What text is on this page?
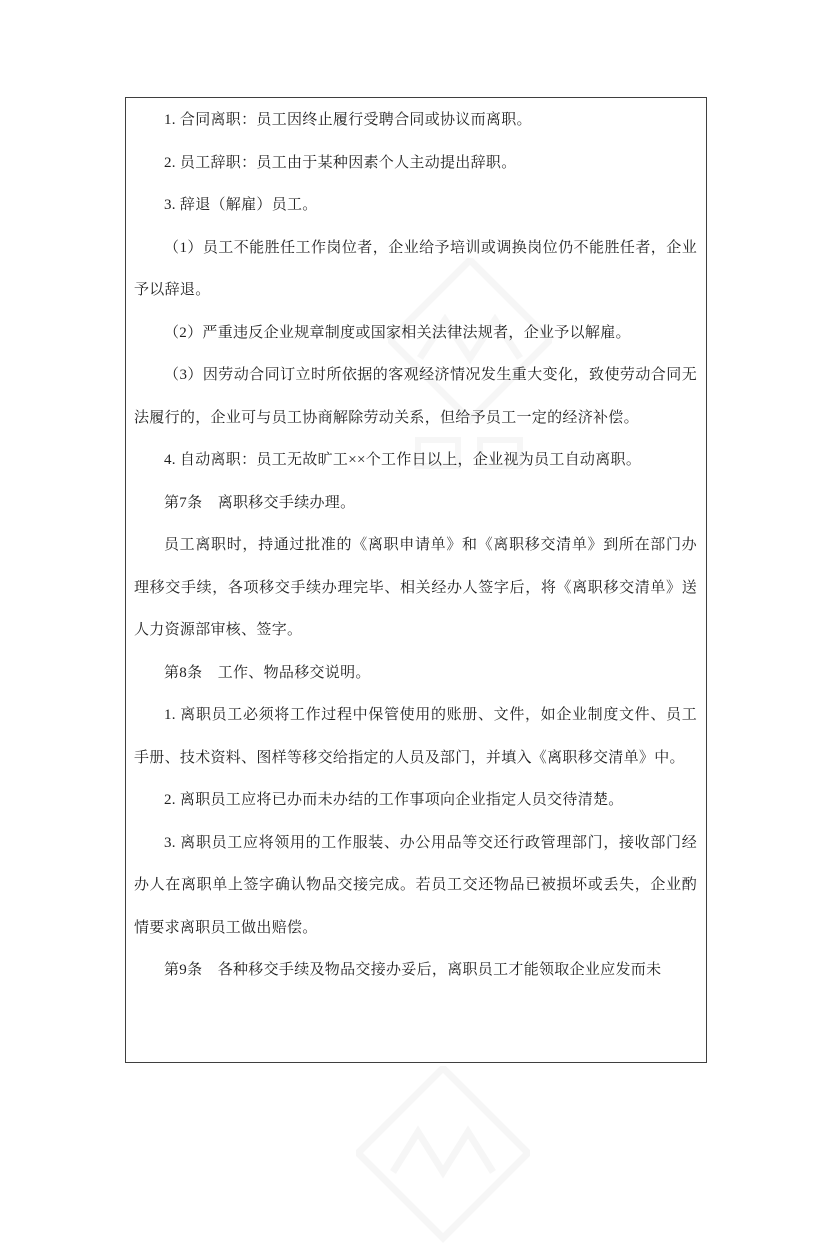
1. 合同离职：员工因终止履行受聘合同或协议而离职。

2. 员工辞职：员工由于某种因素个人主动提出辞职。

3. 辞退（解雇）员工。

（1）员工不能胜任工作岗位者，企业给予培训或调换岗位仍不能胜任者，企业予以辞退。

（2）严重违反企业规章制度或国家相关法律法规者，企业予以解雇。

（3）因劳动合同订立时所依据的客观经济情况发生重大变化，致使劳动合同无法履行的，企业可与员工协商解除劳动关系，但给予员工一定的经济补偿。

4. 自动离职：员工无故旷工××个工作日以上，企业视为员工自动离职。

第7条　离职移交手续办理。

员工离职时，持通过批准的《离职申请单》和《离职移交清单》到所在部门办理移交手续，各项移交手续办理完毕、相关经办人签字后，将《离职移交清单》送人力资源部审核、签字。

第8条　工作、物品移交说明。

1. 离职员工必须将工作过程中保管使用的账册、文件，如企业制度文件、员工手册、技术资料、图样等移交给指定的人员及部门，并填入《离职移交清单》中。

2. 离职员工应将已办而未办结的工作事项向企业指定人员交待清楚。

3. 离职员工应将领用的工作服装、办公用品等交还行政管理部门，接收部门经办人在离职单上签字确认物品交接完成。若员工交还物品已被损坏或丢失，企业酌情要求离职员工做出赔偿。

第9条　各种移交手续及物品交接办妥后，离职员工才能领取企业应发而未
